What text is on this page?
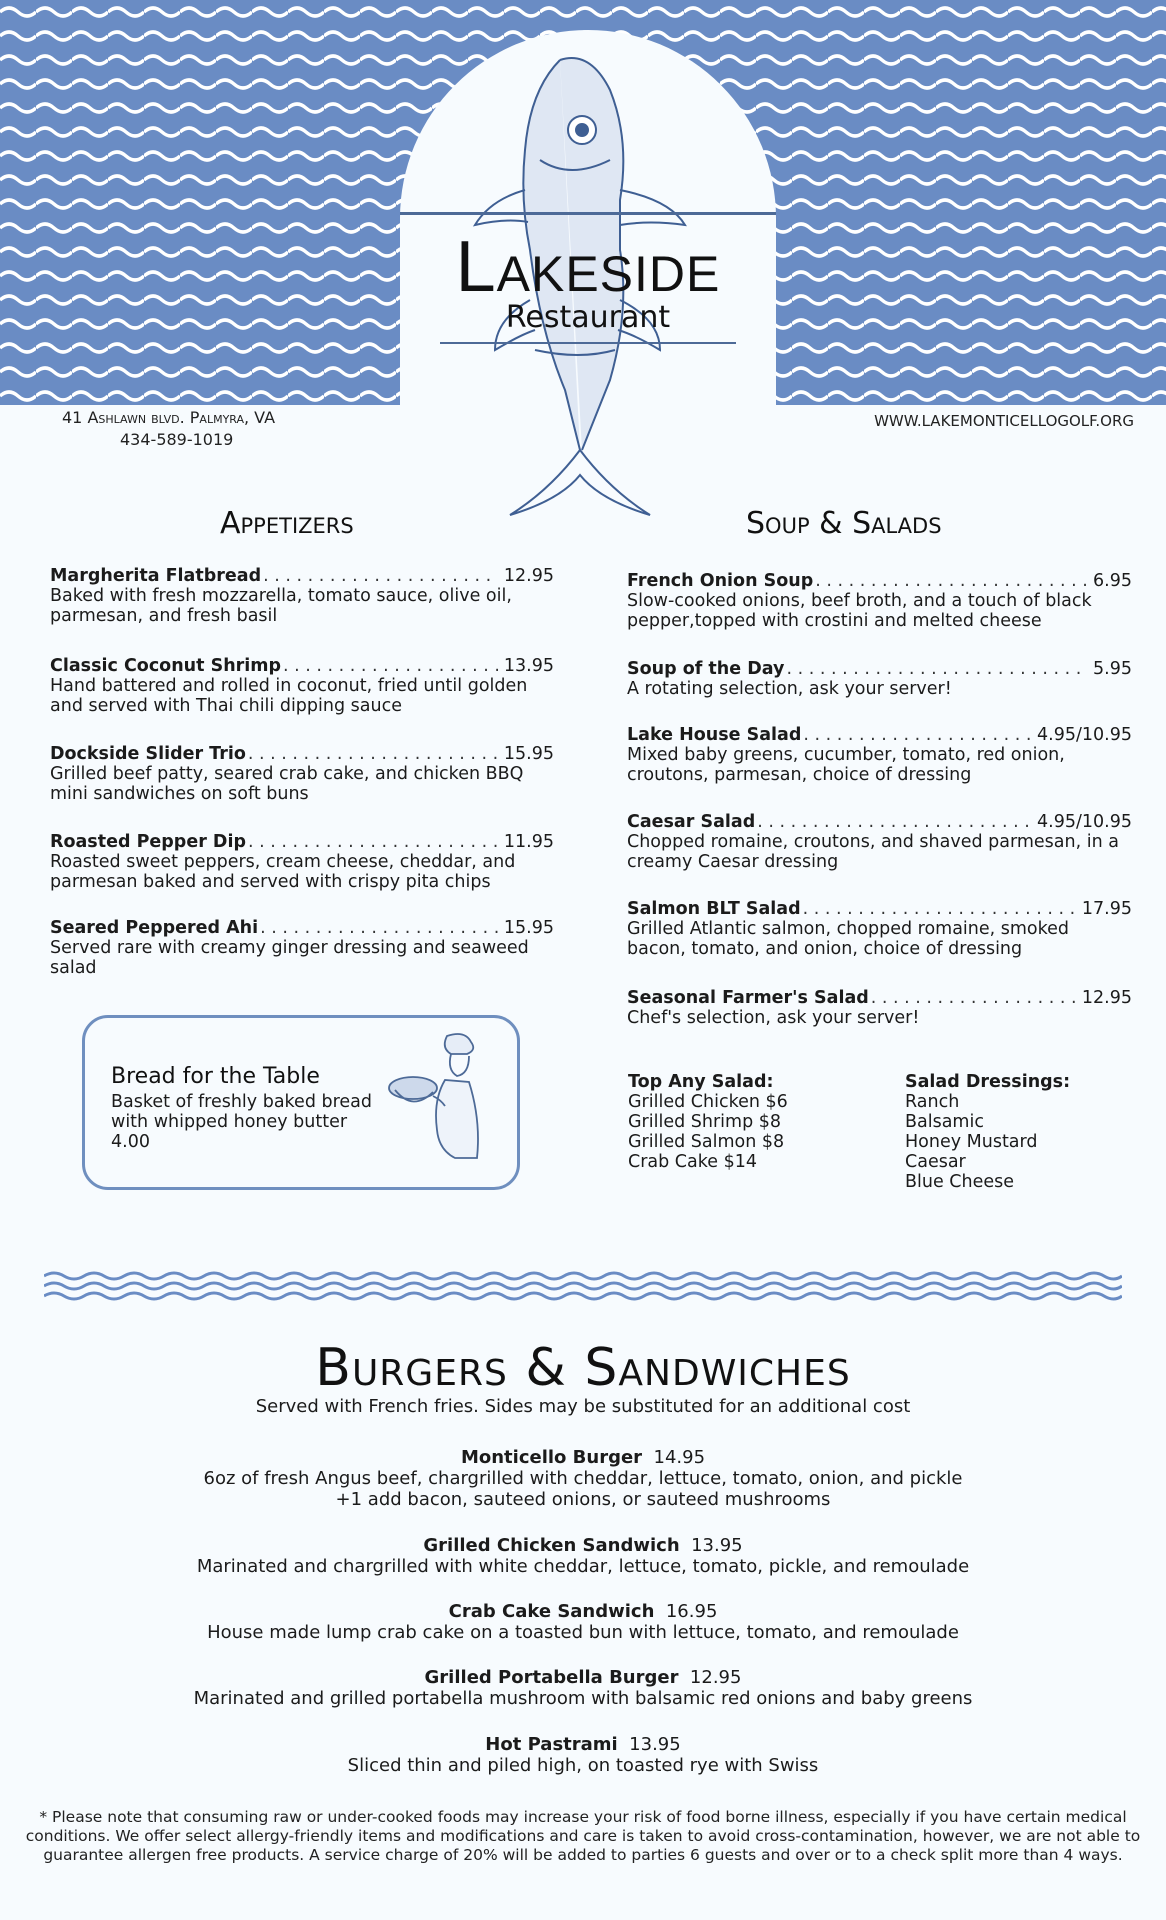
Lakeside
Restaurant
41 Ashlawn blvd. Palmyra, VA
434-589-1019
WWW.LAKEMONTICELLOGOLF.ORG
Appetizers
Margherita Flatbread . . .	12.95
Baked with fresh mozzarella, tomato sauce, olive oil, parmesan, and fresh basil
Classic Coconut Shrimp . . .	13.95
Hand battered and rolled in coconut, fried until golden and served with Thai chili dipping sauce
Dockside Slider Trio . . .	15.95
Grilled beef patty, seared crab cake, and chicken BBQ mini sandwiches on soft buns
Roasted Pepper Dip . . .	11.95
Roasted sweet peppers, cream cheese, cheddar, and parmesan baked and served with crispy pita chips
Seared Peppered Ahi . . .	15.95
Served rare with creamy ginger dressing and seaweed salad
Bread for the Table
Basket of freshly baked bread with whipped honey butter 4.00
Soup & Salads
French Onion Soup . . .	6.95
Slow-cooked onions, beef broth, and a touch of black pepper,topped with crostini and melted cheese
Soup of the Day . . .	5.95
A rotating selection, ask your server!
Lake House Salad . . .	4.95/10.95
Mixed baby greens, cucumber, tomato, red onion, croutons, parmesan, choice of dressing
Caesar Salad . . .	4.95/10.95
Chopped romaine, croutons, and shaved parmesan, in a creamy Caesar dressing
Salmon BLT Salad . . .	17.95
Grilled Atlantic salmon, chopped romaine, smoked bacon, tomato, and onion, choice of dressing
Seasonal Farmer's Salad . . .	12.95
Chef's selection, ask your server!
Top Any Salad:
Grilled Chicken $6
Grilled Shrimp $8
Grilled Salmon $8
Crab Cake $14
Salad Dressings:
Ranch
Balsamic
Honey Mustard
Caesar
Blue Cheese
Burgers & Sandwiches
Served with French fries. Sides may be substituted for an additional cost
Monticello Burger 14.95
6oz of fresh Angus beef, chargrilled with cheddar, lettuce, tomato, onion, and pickle
+1 add bacon, sauteed onions, or sauteed mushrooms
Grilled Chicken Sandwich 13.95
Marinated and chargrilled with white cheddar, lettuce, tomato, pickle, and remoulade
Crab Cake Sandwich 16.95
House made lump crab cake on a toasted bun with lettuce, tomato, and remoulade
Grilled Portabella Burger 12.95
Marinated and grilled portabella mushroom with balsamic red onions and baby greens
Hot Pastrami 13.95
Sliced thin and piled high, on toasted rye with Swiss
* Please note that consuming raw or under-cooked foods may increase your risk of food borne illness, especially if you have certain medical conditions. We offer select allergy-friendly items and modifications and care is taken to avoid cross-contamination, however, we are not able to guarantee allergen free products. A service charge of 20% will be added to parties 6 guests and over or to a check split more than 4 ways.
